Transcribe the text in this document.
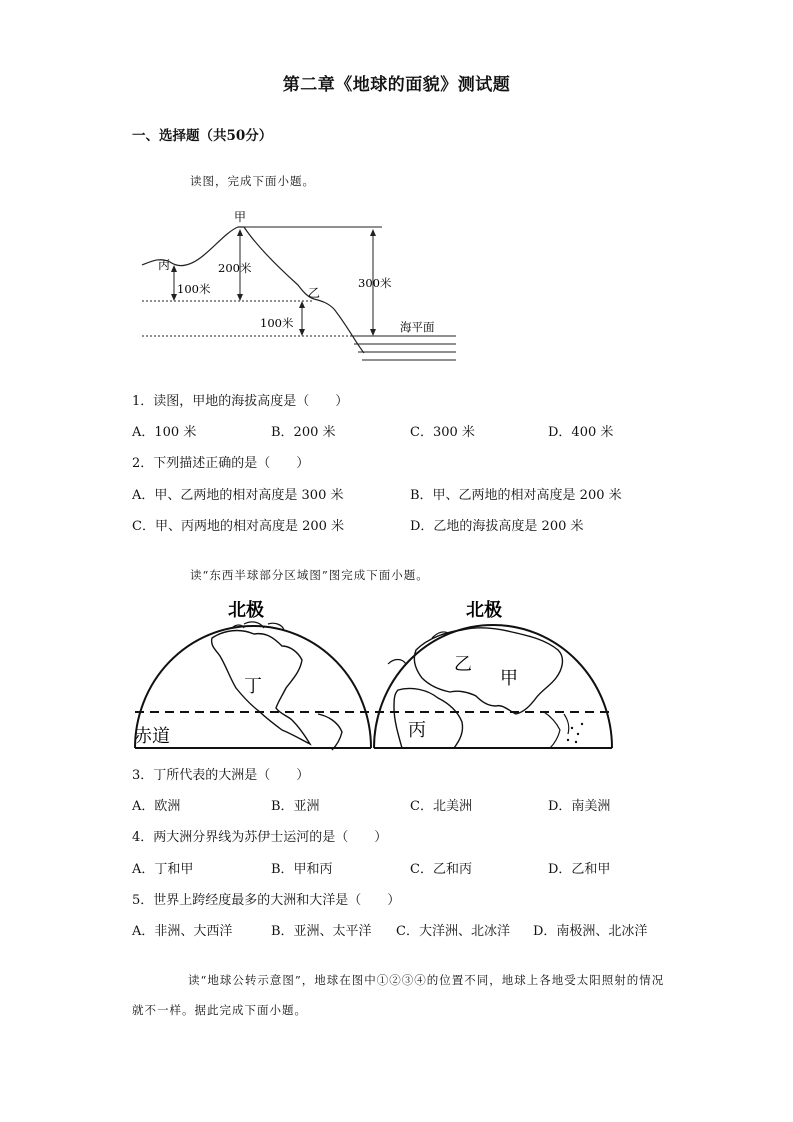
第二章《地球的面貌》测试题
一、选择题（共50分）
读图，完成下面小题。
甲
丙
乙
100米
200米
300米
100米	海平面
1．读图，甲地的海拔高度是（　　）
A．100 米	B．200 米	C．300 米	D．400 米
2．下列描述正确的是（　　）
A．甲、乙两地的相对高度是 300 米	B．甲、乙两地的相对高度是 200 米
C．甲、丙两地的相对高度是 200 米	D．乙地的海拔高度是 200 米
读“东西半球部分区域图”图完成下面小题。
北极	北极
赤道
丁
乙
甲
丙
3．丁所代表的大洲是（　　）
A．欧洲	B．亚洲	C．北美洲	D．南美洲
4．两大洲分界线为苏伊士运河的是（　　）
A．丁和甲	B．甲和丙	C．乙和丙	D．乙和甲
5．世界上跨经度最多的大洲和大洋是（　　）
A．非洲、大西洋	B．亚洲、太平洋 C．大洋洲、北冰洋 D．南极洲、北冰洋
读“地球公转示意图”，地球在图中①②③④的位置不同，地球上各地受太阳照射的情况就不一样。据此完成下面小题。
